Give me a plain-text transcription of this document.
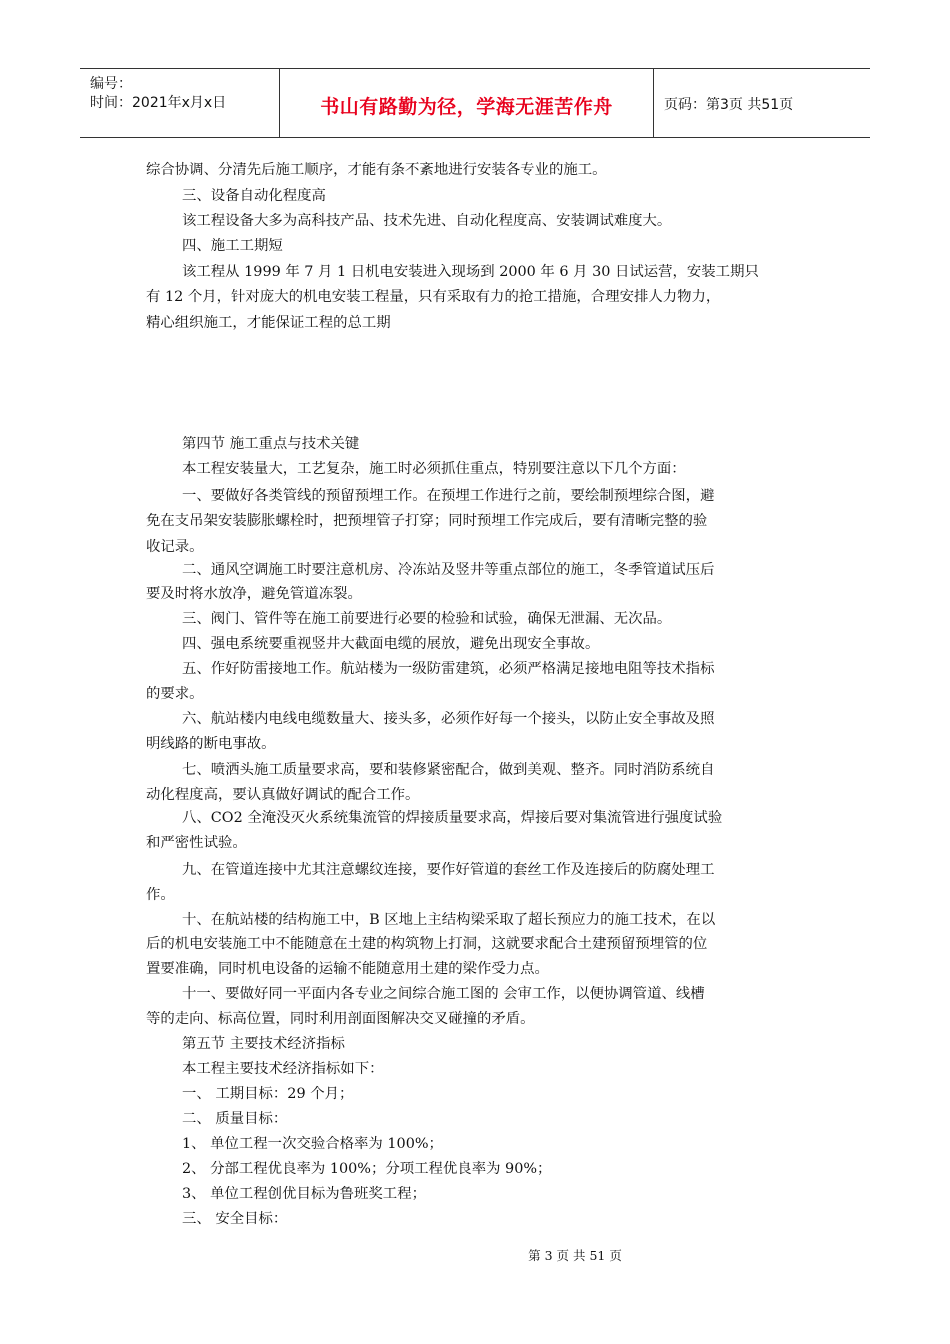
编号：
时间：2021年x月x日	书山有路勤为径，学海无涯苦作舟	页码：第3页 共51页
综合协调、分清先后施工顺序，才能有条不紊地进行安装各专业的施工。
三、设备自动化程度高
该工程设备大多为高科技产品、技术先进、自动化程度高、安装调试难度大。
四、施工工期短
该工程从 1999 年 7 月 1 日机电安装进入现场到 2000 年 6 月 30 日试运营，安装工期只
有 12 个月，针对庞大的机电安装工程量，只有采取有力的抢工措施，合理安排人力物力，
精心组织施工，才能保证工程的总工期
第四节 施工重点与技术关键
本工程安装量大，工艺复杂，施工时必须抓住重点，特别要注意以下几个方面：
一、要做好各类管线的预留预埋工作。在预埋工作进行之前，要绘制预埋综合图，避
免在支吊架安装膨胀螺栓时，把预埋管子打穿；同时预埋工作完成后，要有清晰完整的验
收记录。
二、通风空调施工时要注意机房、冷冻站及竖井等重点部位的施工，冬季管道试压后
要及时将水放净，避免管道冻裂。
三、阀门、管件等在施工前要进行必要的检验和试验，确保无泄漏、无次品。
四、强电系统要重视竖井大截面电缆的展放，避免出现安全事故。
五、作好防雷接地工作。航站楼为一级防雷建筑，必须严格满足接地电阻等技术指标
的要求。
六、航站楼内电线电缆数量大、接头多，必须作好每一个接头，以防止安全事故及照
明线路的断电事故。
七、喷洒头施工质量要求高，要和装修紧密配合，做到美观、整齐。同时消防系统自
动化程度高，要认真做好调试的配合工作。
八、CO2 全淹没灭火系统集流管的焊接质量要求高，焊接后要对集流管进行强度试验
和严密性试验。
九、在管道连接中尤其注意螺纹连接，要作好管道的套丝工作及连接后的防腐处理工
作。
十、在航站楼的结构施工中，B 区地上主结构梁采取了超长预应力的施工技术，在以
后的机电安装施工中不能随意在土建的构筑物上打洞，这就要求配合土建预留预埋管的位
置要准确，同时机电设备的运输不能随意用土建的梁作受力点。
十一、要做好同一平面内各专业之间综合施工图的 会审工作，以便协调管道、线槽
等的走向、标高位置，同时利用剖面图解决交叉碰撞的矛盾。
第五节 主要技术经济指标
本工程主要技术经济指标如下：
一、 工期目标：29 个月；
二、 质量目标：
1、 单位工程一次交验合格率为 100%；
2、 分部工程优良率为 100%；分项工程优良率为 90%；
3、 单位工程创优目标为鲁班奖工程；
三、 安全目标：
第 3 页 共 51 页
